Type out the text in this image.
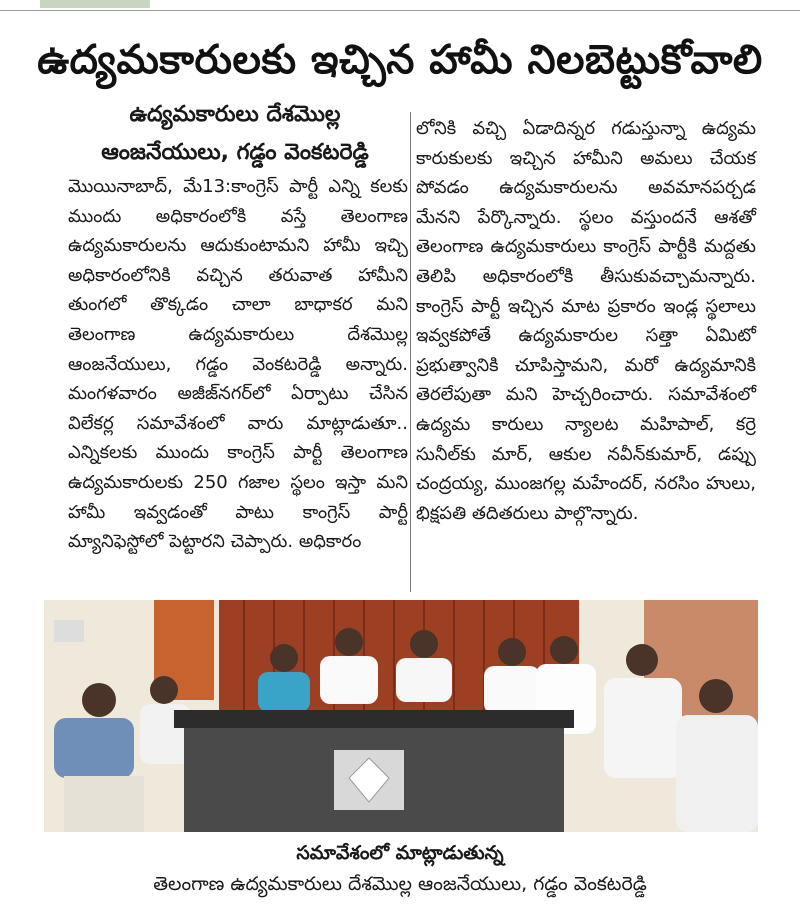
ఉద్యమకారులకు ఇచ్చిన హామీ నిలబెట్టుకోవాలి
ఉద్యమకారులు దేశమొల్ల
ఆంజనేయులు, గడ్డం వెంకటరెడ్డి

మొయినాబాద్, మే13:కాంగ్రెస్ పార్టీ ఎన్ని కలకు ముందు అధికారంలోకి వస్తే తెలంగాణ ఉద్యమకారులను ఆదుకుంటామని హామీ ఇచ్చి అధికారంలోనికి వచ్చిన తరువాత హామీని తుంగలో తొక్కడం చాలా బాధాకర మని తెలంగాణ ఉద్యమకారులు దేశమొల్ల ఆంజనేయులు, గడ్డం వెంకటరెడ్డి అన్నారు. మంగళవారం అజీజ్‌నగర్‌లో ఏర్పాటు చేసిన విలేకర్ల సమావేశంలో వారు మాట్లాడుతూ.. ఎన్నికలకు ముందు కాంగ్రెస్ పార్టీ తెలంగాణ ఉద్యమకారులకు 250 గజాల స్థలం ఇస్తా మని హామీ ఇవ్వడంతో పాటు కాంగ్రెస్ పార్టీ మ్యానిఫెస్టోలో పెట్టారని చెప్పారు. అధికారం

లోనికి వచ్చి ఏడాదిన్నర గడుస్తున్నా ఉద్యమ కారుకులకు ఇచ్చిన హామీని అమలు చేయక పోవడం ఉద్యమకారులను అవమానపర్చడ మేనని పేర్కొన్నారు. స్థలం వస్తుందనే ఆశతో తెలంగాణ ఉద్యమకారులు కాంగ్రెస్ పార్టీకి మద్దతు తెలిపి అధికారంలోకి తీసుకువచ్చామన్నారు. కాంగ్రెస్ పార్టీ ఇచ్చిన మాట ప్రకారం ఇండ్ల స్థలాలు ఇవ్వకపోతే ఉద్యమకారుల సత్తా ఏమిటో ప్రభుత్వానికి చూపిస్తామని, మరో ఉద్యమానికి తెరలేపుతా మని హెచ్చరించారు. సమావేశంలో ఉద్యమ కారులు న్యాలట మహిపాల్, కర్రె సునీల్‌కు మార్, ఆకుల నవీన్‌కుమార్, డప్పు చంద్రయ్య, ముంజగల్ల మహేందర్, నరసిం హులు, భిక్షపతి తదితరులు పాల్గొన్నారు.

సమావేశంలో మాట్లాడుతున్న
తెలంగాణ ఉద్యమకారులు దేశమొల్ల ఆంజనేయులు, గడ్డం వెంకటరెడ్డి
